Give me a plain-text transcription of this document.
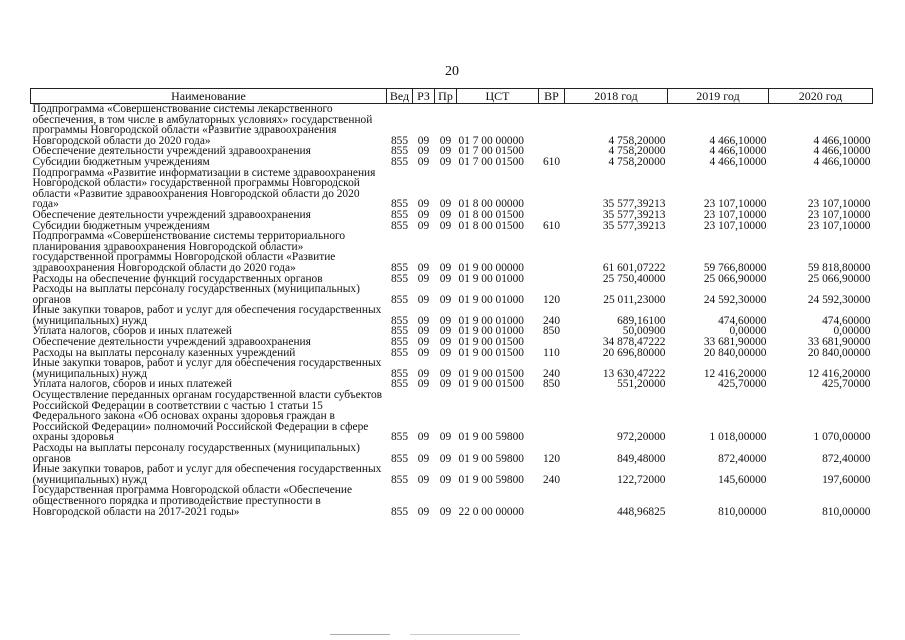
20
Наименование	Вед	РЗ	Пр	ЦСТ	ВР	2018 год	2019 год	2020 год
Подпрограмма «Совершенствование системы лекарственного обеспечения, в том числе в амбулаторных условиях» государственной программы Новгородской области «Развитие здравоохранения Новгородской области до 2020 года»	855	09	09	01 7 00 00000		4 758,20000	4 466,10000	4 466,10000
Обеспечение деятельности учреждений здравоохранения	855	09	09	01 7 00 01500		4 758,20000	4 466,10000	4 466,10000
Субсидии бюджетным учреждениям	855	09	09	01 7 00 01500	610	4 758,20000	4 466,10000	4 466,10000
Подпрограмма «Развитие информатизации в системе здравоохранения Новгородской области» государственной программы Новгородской области «Развитие здравоохранения Новгородской области до 2020 года»	855	09	09	01 8 00 00000		35 577,39213	23 107,10000	23 107,10000
Обеспечение деятельности учреждений здравоохранения	855	09	09	01 8 00 01500		35 577,39213	23 107,10000	23 107,10000
Субсидии бюджетным учреждениям	855	09	09	01 8 00 01500	610	35 577,39213	23 107,10000	23 107,10000
Подпрограмма «Совершенствование системы территориального планирования здравоохранения Новгородской области» государственной программы Новгородской области «Развитие здравоохранения Новгородской области до 2020 года»	855	09	09	01 9 00 00000		61 601,07222	59 766,80000	59 818,80000
Расходы на обеспечение функций государственных органов	855	09	09	01 9 00 01000		25 750,40000	25 066,90000	25 066,90000
Расходы на выплаты персоналу государственных (муниципальных) органов	855	09	09	01 9 00 01000	120	25 011,23000	24 592,30000	24 592,30000
Иные закупки товаров, работ и услуг для обеспечения государственных (муниципальных) нужд	855	09	09	01 9 00 01000	240	689,16100	474,60000	474,60000
Уплата налогов, сборов и иных платежей	855	09	09	01 9 00 01000	850	50,00900	0,00000	0,00000
Обеспечение деятельности учреждений здравоохранения	855	09	09	01 9 00 01500		34 878,47222	33 681,90000	33 681,90000
Расходы на выплаты персоналу казенных учреждений	855	09	09	01 9 00 01500	110	20 696,80000	20 840,00000	20 840,00000
Иные закупки товаров, работ и услуг для обеспечения государственных (муниципальных) нужд	855	09	09	01 9 00 01500	240	13 630,47222	12 416,20000	12 416,20000
Уплата налогов, сборов и иных платежей	855	09	09	01 9 00 01500	850	551,20000	425,70000	425,70000
Осуществление переданных органам государственной власти субъектов Российской Федерации в соответствии с частью 1 статьи 15 Федерального закона «Об основах охраны здоровья граждан в Российской Федерации» полномочий Российской Федерации в сфере охраны здоровья	855	09	09	01 9 00 59800		972,20000	1 018,00000	1 070,00000
Расходы на выплаты персоналу государственных (муниципальных) органов	855	09	09	01 9 00 59800	120	849,48000	872,40000	872,40000
Иные закупки товаров, работ и услуг для обеспечения государственных (муниципальных) нужд	855	09	09	01 9 00 59800	240	122,72000	145,60000	197,60000
Государственная программа Новгородской области «Обеспечение общественного порядка и противодействие преступности в Новгородской области на 2017-2021 годы»	855	09	09	22 0 00 00000		448,96825	810,00000	810,00000
